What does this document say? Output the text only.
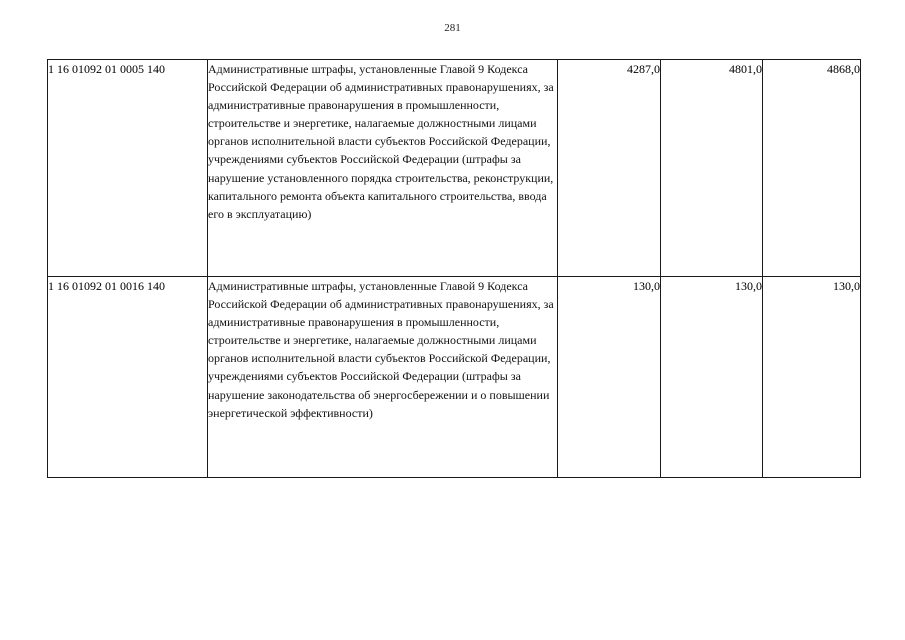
281
1 16 01092 01 0005 140	Административные штрафы, установленные Главой 9 Кодекса Российской Федерации об административных правонарушениях, за административные правонарушения в промышленности, строительстве и энергетике, налагаемые должностными лицами органов исполнительной власти субъектов Российской Федерации, учреждениями субъектов Российской Федерации (штрафы за нарушение установленного порядка строительства, реконструкции, капитального ремонта объекта капитального строительства, ввода его в эксплуатацию)	4287,0	4801,0	4868,0
1 16 01092 01 0016 140	Административные штрафы, установленные Главой 9 Кодекса Российской Федерации об административных правонарушениях, за административные правонарушения в промышленности, строительстве и энергетике, налагаемые должностными лицами органов исполнительной власти субъектов Российской Федерации, учреждениями субъектов Российской Федерации (штрафы за нарушение законодательства об энергосбережении и о повышении энергетической эффективности)	130,0	130,0	130,0
